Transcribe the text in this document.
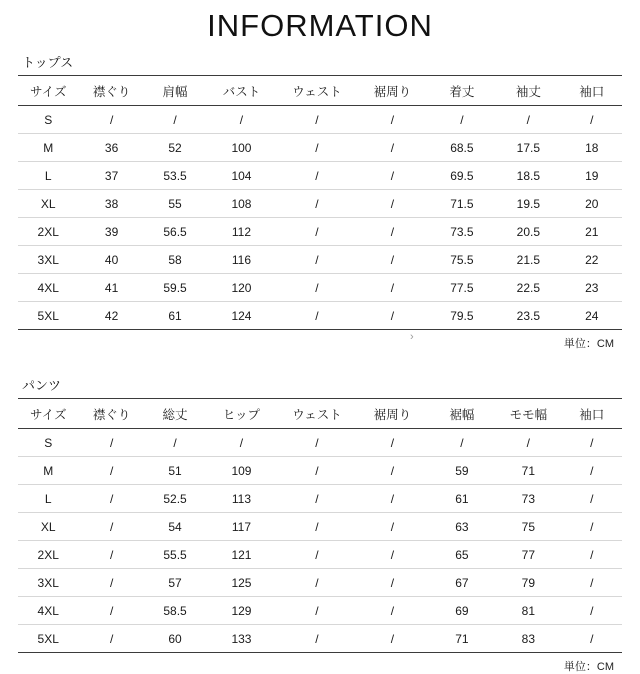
INFORMATION
トップス
サイズ	襟ぐり	肩幅	バスト	ウェスト	裾周り	着丈	袖丈	袖口
S	/	/	/	/	/	/	/	/
M	36	52	100	/	/	68.5	17.5	18
L	37	53.5	104	/	/	69.5	18.5	19
XL	38	55	108	/	/	71.5	19.5	20
2XL	39	56.5	112	/	/	73.5	20.5	21
3XL	40	58	116	/	/	75.5	21.5	22
4XL	41	59.5	120	/	/	77.5	22.5	23
5XL	42	61	124	/	/	79.5	23.5	24
単位：CM
パンツ
サイズ	襟ぐり	総丈	ヒップ	ウェスト	裾周り	裾幅	モモ幅	袖口
S	/	/	/	/	/	/	/	/
M	/	51	109	/	/	59	71	/
L	/	52.5	113	/	/	61	73	/
XL	/	54	117	/	/	63	75	/
2XL	/	55.5	121	/	/	65	77	/
3XL	/	57	125	/	/	67	79	/
4XL	/	58.5	129	/	/	69	81	/
5XL	/	60	133	/	/	71	83	/
単位：CM
›
